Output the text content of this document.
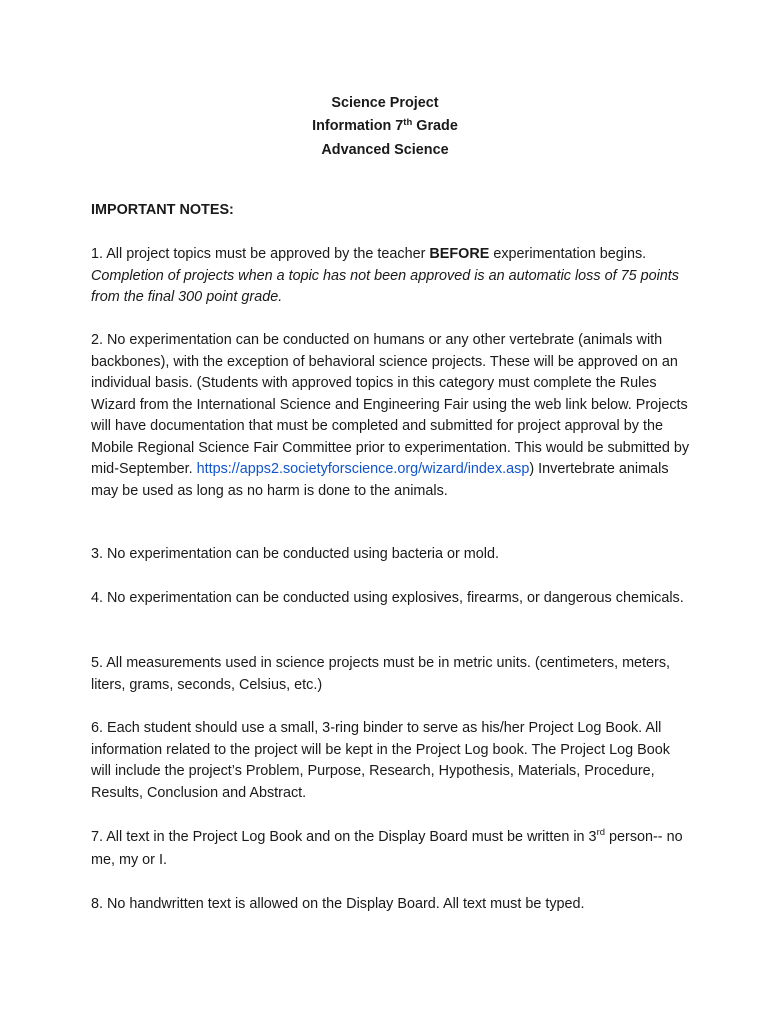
Science Project
Information 7th Grade
Advanced Science
IMPORTANT NOTES:
1. All project topics must be approved by the teacher BEFORE experimentation begins. Completion of projects when a topic has not been approved is an automatic loss of 75 points from the final 300 point grade.
2. No experimentation can be conducted on humans or any other vertebrate (animals with backbones), with the exception of behavioral science projects. These will be approved on an individual basis. (Students with approved topics in this category must complete the Rules Wizard from the International Science and Engineering Fair using the web link below. Projects will have documentation that must be completed and submitted for project approval by the Mobile Regional Science Fair Committee prior to experimentation. This would be submitted by mid-September. https://apps2.societyforscience.org/wizard/index.asp) Invertebrate animals may be used as long as no harm is done to the animals.
3. No experimentation can be conducted using bacteria or mold.
4. No experimentation can be conducted using explosives, firearms, or dangerous chemicals.
5. All measurements used in science projects must be in metric units. (centimeters, meters, liters, grams, seconds, Celsius, etc.)
6. Each student should use a small, 3-ring binder to serve as his/her Project Log Book. All information related to the project will be kept in the Project Log book. The Project Log Book will include the project’s Problem, Purpose, Research, Hypothesis, Materials, Procedure, Results, Conclusion and Abstract.
7. All text in the Project Log Book and on the Display Board must be written in 3rd person-- no me, my or I.
8. No handwritten text is allowed on the Display Board. All text must be typed.
